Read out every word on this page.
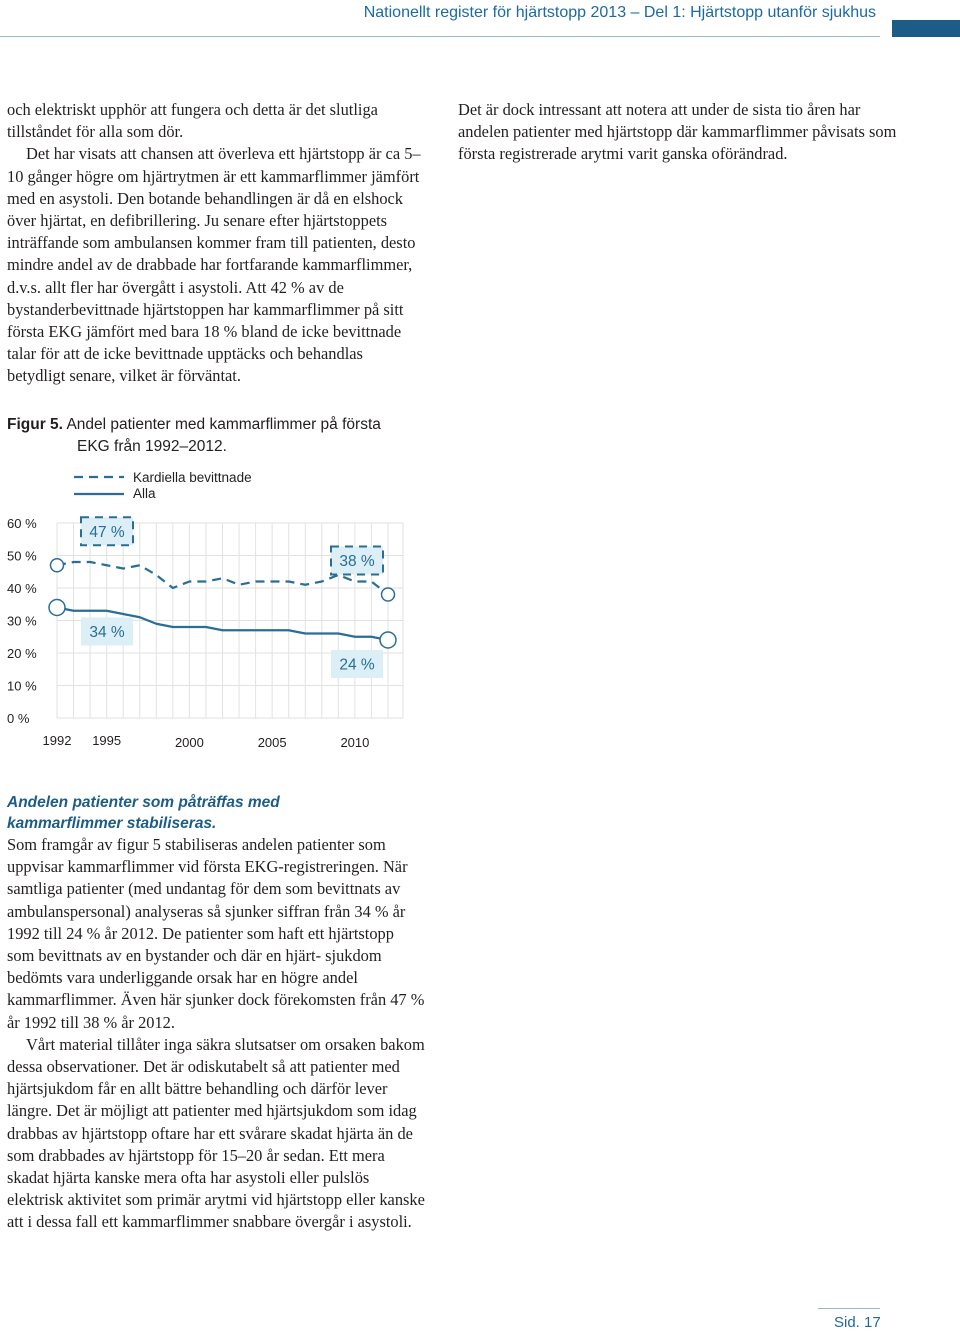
Nationellt register för hjärtstopp 2013 – Del 1: Hjärtstopp utanför sjukhus

och elektriskt upphör att fungera och detta är det slutliga tillståndet för alla som dör.

Det har visats att chansen att överleva ett hjärtstopp är ca 5–10 gånger högre om hjärtrytmen är ett kammarflimmer jämfört med en asystoli. Den botande behandlingen är då en elshock över hjärtat, en defibrillering. Ju senare efter hjärtstoppets inträffande som ambulansen kommer fram till patienten, desto mindre andel av de drabbade har fortfarande kammarflimmer, d.v.s. allt fler har övergått i asystoli. Att 42 % av de bystanderbevittnade hjärtstoppen har kammarflimmer på sitt första EKG jämfört med bara 18 % bland de icke bevittnade talar för att de icke bevittnade upptäcks och behandlas betydligt senare, vilket är förväntat.

Det är dock intressant att notera att under de sista tio åren har andelen patienter med hjärtstopp där kammarflimmer påvisats som första registrerade arytmi varit ganska oförändrad.

Figur 5. Andel patienter med kammarflimmer på första
EKG från 1992–2012.
Kardiella bevittnade
Alla
0 %
10 %
20 %
30 %
40 %
50 %
60 %
1992 1995	2000	2005	2010
47 %
38 %
34 %
24 %
Andelen patienter som påträffas med
kammarflimmer stabiliseras.

Som framgår av figur 5 stabiliseras andelen patienter som uppvisar kammarflimmer vid första EKG-registreringen. När samtliga patienter (med undantag för dem som bevittnats av ambulanspersonal) analyseras så sjunker siffran från 34 % år 1992 till 24 % år 2012. De patienter som haft ett hjärtstopp som bevittnats av en bystander och där en hjärt- sjukdom bedömts vara underliggande orsak har en högre andel kammarflimmer. Även här sjunker dock förekomsten från 47 % år 1992 till 38 % år 2012.

Vårt material tillåter inga säkra slutsatser om orsaken bakom dessa observationer. Det är odiskutabelt så att patienter med hjärtsjukdom får en allt bättre behandling och därför lever längre. Det är möjligt att patienter med hjärtsjukdom som idag drabbas av hjärtstopp oftare har ett svårare skadat hjärta än de som drabbades av hjärtstopp för 15–20 år sedan. Ett mera skadat hjärta kanske mera ofta har asystoli eller pulslös elektrisk aktivitet som primär arytmi vid hjärtstopp eller kanske att i dessa fall ett kammarflimmer snabbare övergår i asystoli.

Sid. 17
